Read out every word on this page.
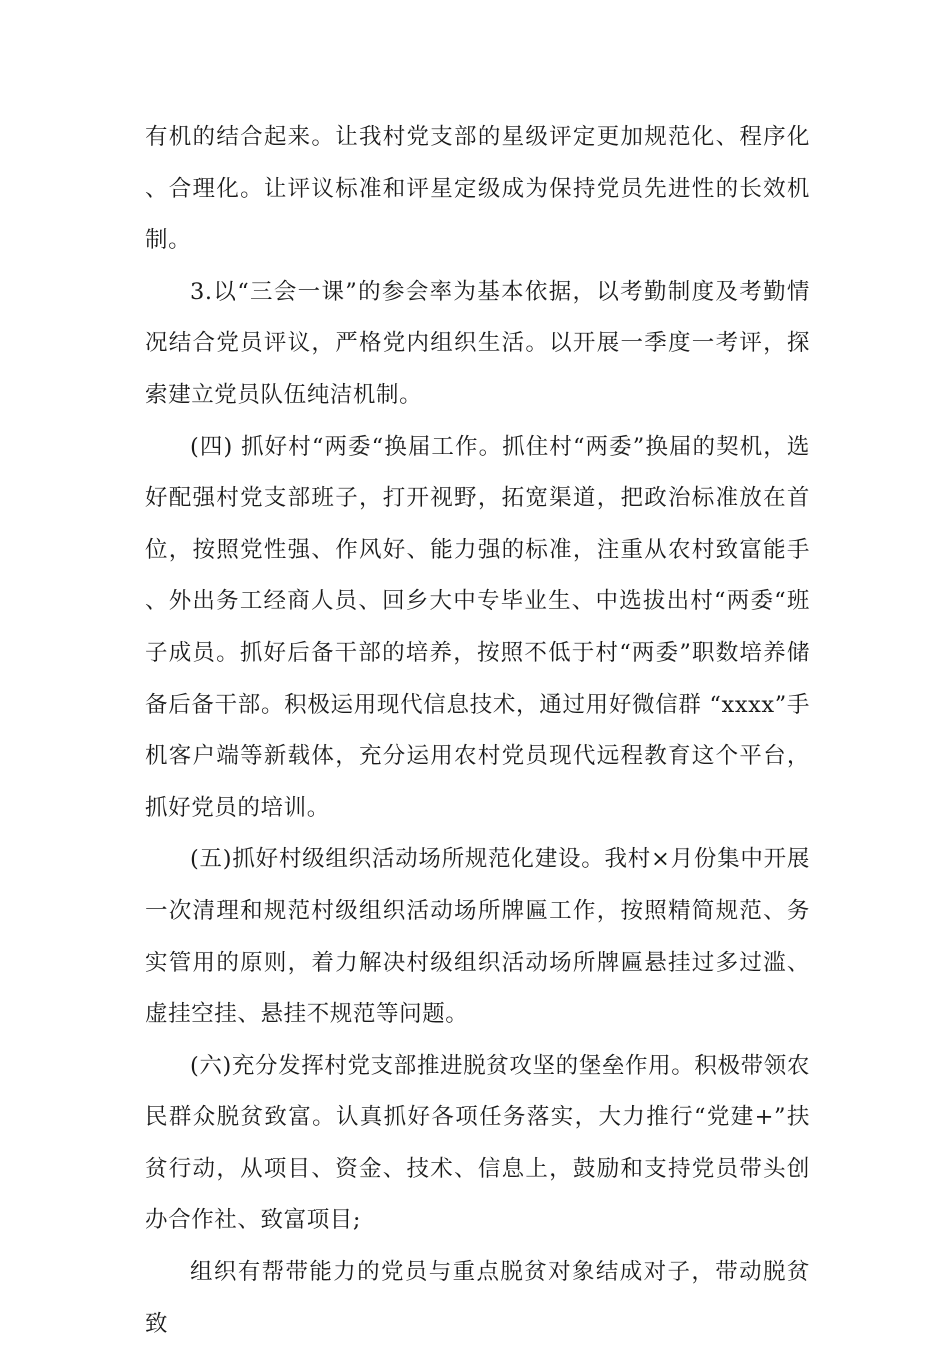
有机的结合起来。让我村党支部的星级评定更加规范化、程序化、合理化。让评议标准和评星定级成为保持党员先进性的长效机制。

3.以“三会一课”的参会率为基本依据，以考勤制度及考勤情况结合党员评议，严格党内组织生活。以开展一季度一考评，探索建立党员队伍纯洁机制。

(四) 抓好村“两委“换届工作。抓住村“两委”换届的契机，选好配强村党支部班子，打开视野，拓宽渠道，把政治标准放在首位，按照党性强、作风好、能力强的标准，注重从农村致富能手、外出务工经商人员、回乡大中专毕业生、中选拔出村“两委“班子成员。抓好后备干部的培养，按照不低于村“两委”职数培养储备后备干部。积极运用现代信息技术，通过用好微信群 “xxxx”手机客户端等新载体，充分运用农村党员现代远程教育这个平台，抓好党员的培训。

(五)抓好村级组织活动场所规范化建设。我村×月份集中开展一次清理和规范村级组织活动场所牌匾工作，按照精简规范、务实管用的原则，着力解决村级组织活动场所牌匾悬挂过多过滥、虚挂空挂、悬挂不规范等问题。

(六)充分发挥村党支部推进脱贫攻坚的堡垒作用。积极带领农民群众脱贫致富。认真抓好各项任务落实，大力推行“党建+”扶贫行动，从项目、资金、技术、信息上，鼓励和支持党员带头创办合作社、致富项目;

组织有帮带能力的党员与重点脱贫对象结成对子，带动脱贫致
